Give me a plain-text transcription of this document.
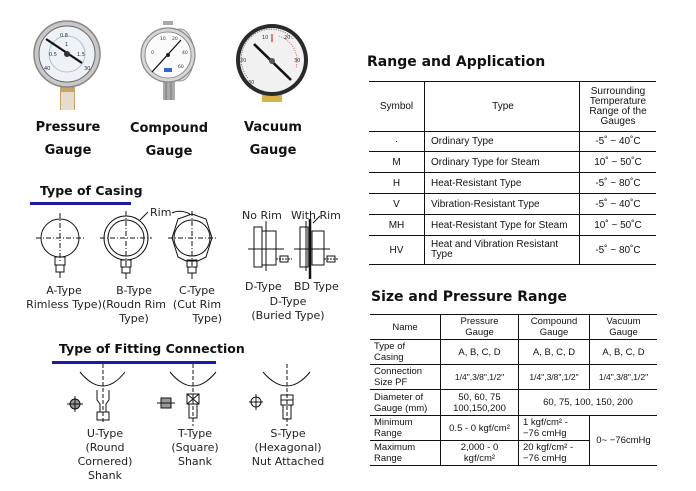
0.8
0.5	1.5
1
40	30
10 20
0	40
60
10	20
20	30
30
Pressure
Gauge
Compound
Gauge
Vacuum
Gauge
Type of Casing
Rim	No Rim With Rim
A-Type
Rimless Type)
B-Type
(Roudn Rim
Type)
C-Type
(Cut Rim
Type)
D-Type BD Type
D-Type
(Buried Type)
Type of Fitting Connection
U-Type
(Round Cornered)
Shank
T-Type
(Square)
Shank
S-Type
(Hexagonal)
Nut Attached
Range and Application
Symbol	Type	Surrounding Temperature Range of the Gauges
·	Ordinary Type	-5˚ ~ 40˚C
M	Ordinary Type for Steam	10˚ ~ 50˚C
H	Heat-Resistant Type	-5˚ ~ 80˚C
V	Vibration-Resistant Type	-5˚ ~ 40˚C
MH	Heat-Resistant Type for Steam	10˚ ~ 50˚C
HV	Heat and Vibration Resistant Type	-5˚ ~ 80˚C
Size and Pressure Range
Name	Pressure Gauge	Compound Gauge	Vacuum Gauge
Type of Casing	A, B, C, D	A, B, C, D	A, B, C, D
Connection Size PF	1/4",3/8",1/2"	1/4",3/8",1/2"	1/4",3/8",1/2"
Diameter of Gauge (mm)	50, 60, 75 100,150,200	60, 75, 100, 150, 200	
Minimum Range	0.5 - 0 kgf/cm²	1 kgf/cm² - −76 cmHg	0~ −76cmHg
Maximum Range	2,000 - 0 kgf/cm²	20 kgf/cm² - −76 cmHg	
